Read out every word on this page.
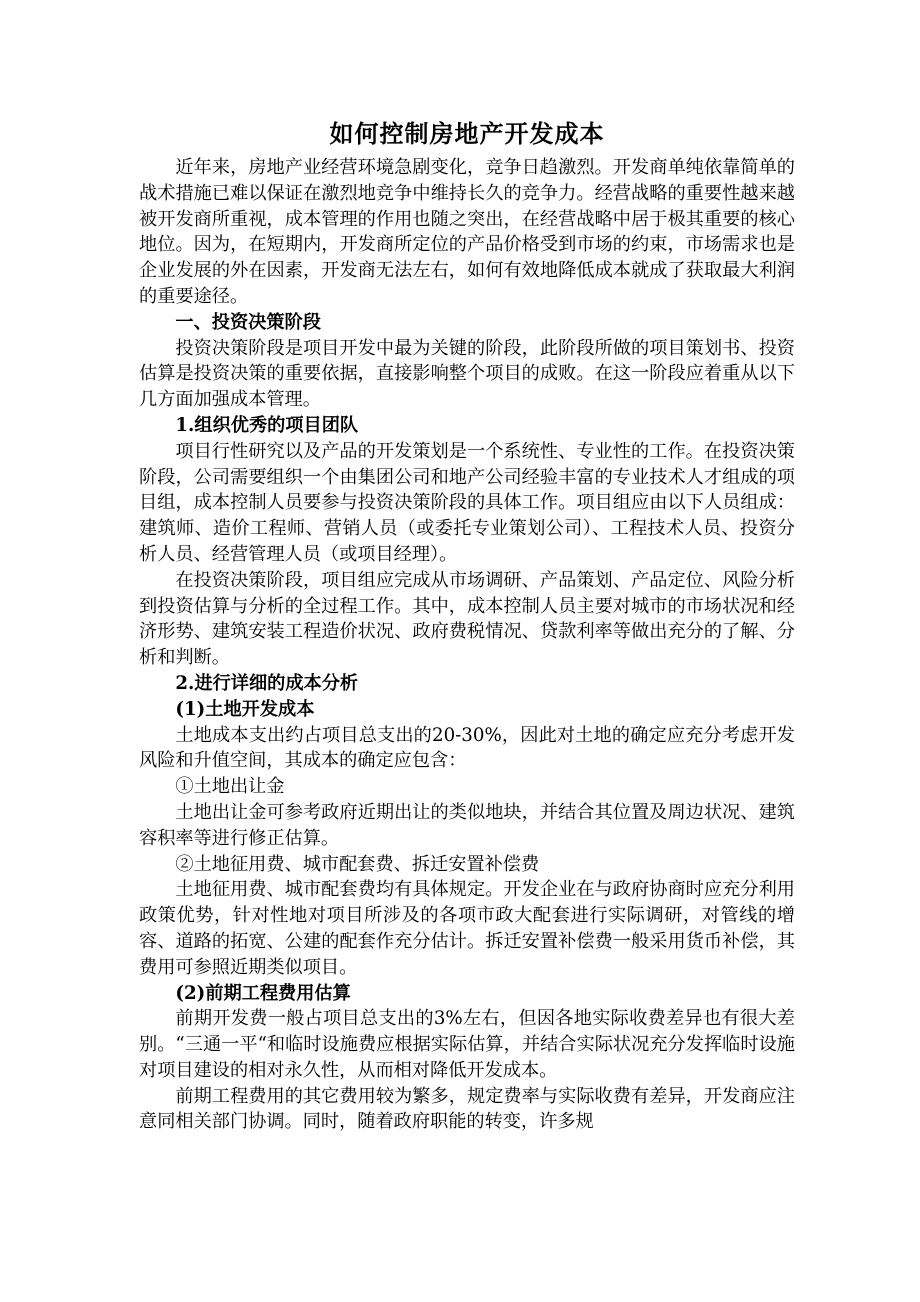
如何控制房地产开发成本

近年来，房地产业经营环境急剧变化，竞争日趋激烈。开发商单纯依靠简单的战术措施已难以保证在激烈地竞争中维持长久的竞争力。经营战略的重要性越来越被开发商所重视，成本管理的作用也随之突出，在经营战略中居于极其重要的核心地位。因为，在短期内，开发商所定位的产品价格受到市场的约束，市场需求也是企业发展的外在因素，开发商无法左右，如何有效地降低成本就成了获取最大利润的重要途径。

一、投资决策阶段

投资决策阶段是项目开发中最为关键的阶段，此阶段所做的项目策划书、投资估算是投资决策的重要依据，直接影响整个项目的成败。在这一阶段应着重从以下几方面加强成本管理。

1.组织优秀的项目团队

项目行性研究以及产品的开发策划是一个系统性、专业性的工作。在投资决策阶段，公司需要组织一个由集团公司和地产公司经验丰富的专业技术人才组成的项目组，成本控制人员要参与投资决策阶段的具体工作。项目组应由以下人员组成：建筑师、造价工程师、营销人员（或委托专业策划公司）、工程技术人员、投资分析人员、经营管理人员（或项目经理）。

在投资决策阶段，项目组应完成从市场调研、产品策划、产品定位、风险分析到投资估算与分析的全过程工作。其中，成本控制人员主要对城市的市场状况和经济形势、建筑安装工程造价状况、政府费税情况、贷款利率等做出充分的了解、分析和判断。

2.进行详细的成本分析

(1)土地开发成本

土地成本支出约占项目总支出的20-30%，因此对土地的确定应充分考虑开发风险和升值空间，其成本的确定应包含：

①土地出让金

土地出让金可参考政府近期出让的类似地块，并结合其位置及周边状况、建筑容积率等进行修正估算。

②土地征用费、城市配套费、拆迁安置补偿费

土地征用费、城市配套费均有具体规定。开发企业在与政府协商时应充分利用政策优势，针对性地对项目所涉及的各项市政大配套进行实际调研，对管线的增容、道路的拓宽、公建的配套作充分估计。拆迁安置补偿费一般采用货币补偿，其费用可参照近期类似项目。

(2)前期工程费用估算

前期开发费一般占项目总支出的3%左右，但因各地实际收费差异也有很大差别。“三通一平“和临时设施费应根据实际估算，并结合实际状况充分发挥临时设施对项目建设的相对永久性，从而相对降低开发成本。

前期工程费用的其它费用较为繁多，规定费率与实际收费有差异，开发商应注意同相关部门协调。同时，随着政府职能的转变，许多规
